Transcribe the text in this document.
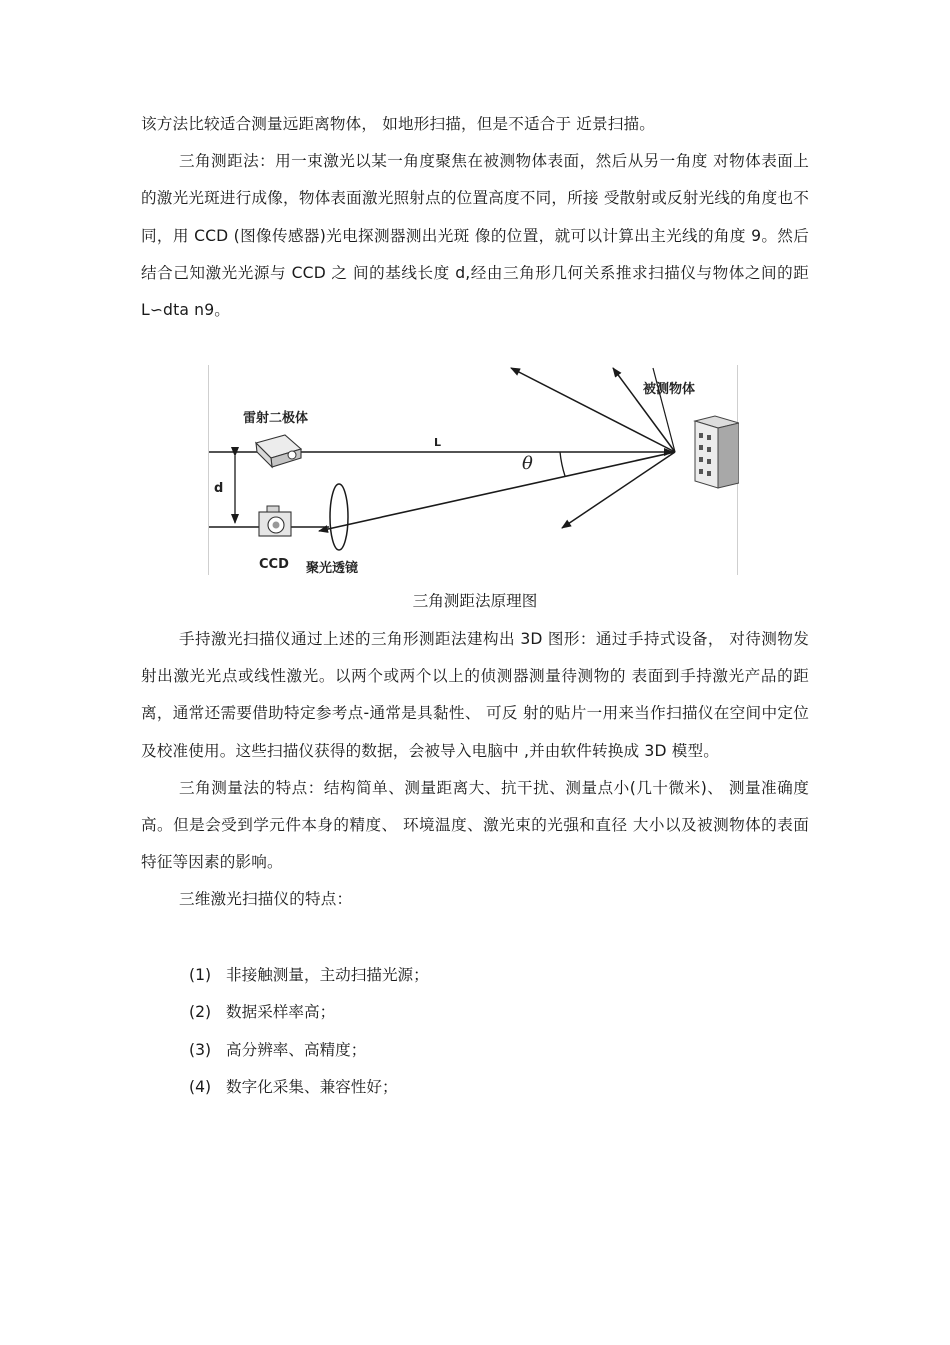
该方法比较适合测量远距离物体， 如地形扫描，但是不适合于 近景扫描。

三角测距法：用一束激光以某一角度聚焦在被测物体表面，然后从另一角度 对物体表面上的激光光斑进行成像，物体表面激光照射点的位置高度不同，所接 受散射或反射光线的角度也不同，用 CCD (图像传感器)光电探测器测出光斑 像的位置，就可以计算出主光线的角度 9。然后结合己知激光光源与 CCD 之 间的基线长度 d,经由三角形几何关系推求扫描仪与物体之间的距 L∽dta n9。

雷射二极体
被测物体
L
d
θ
CCD 聚光透镜
三角测距法原理图

手持激光扫描仪通过上述的三角形测距法建构出 3D 图形：通过手持式设备， 对待测物发射出激光光点或线性激光。以两个或两个以上的侦测器测量待测物的 表面到手持激光产品的距离，通常还需要借助特定参考点-通常是具黏性、 可反 射的贴片一用来当作扫描仪在空间中定位及校准使用。这些扫描仪获得的数据，会被导入电脑中 ,并由软件转换成 3D 模型。

三角测量法的特点：结构简单、测量距离大、抗干扰、测量点小(几十微米)、 测量准确度高。但是会受到学元件本身的精度、 环境温度、激光束的光强和直径 大小以及被测物体的表面特征等因素的影响。

三维激光扫描仪的特点：

(1) 非接触测量，主动扫描光源；
(2) 数据采样率高；
(3) 高分辨率、高精度；
(4) 数字化采集、兼容性好；
